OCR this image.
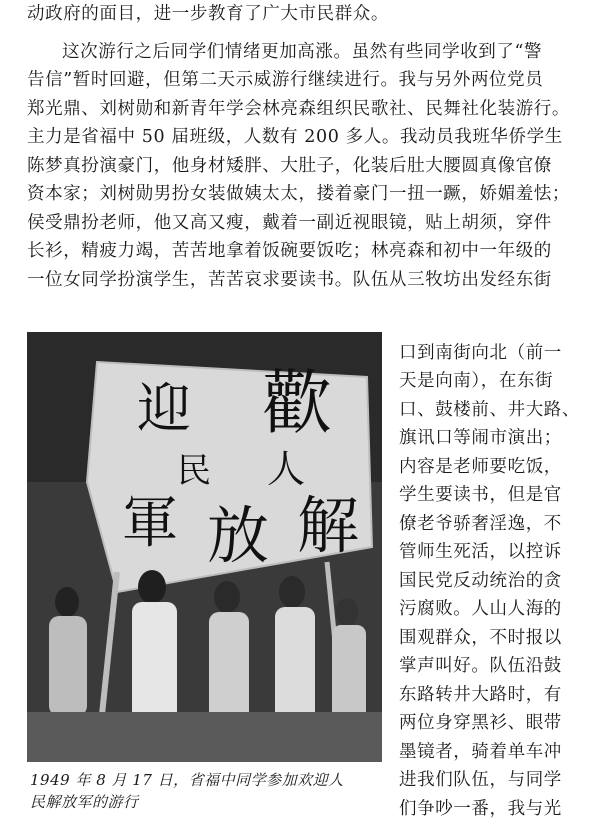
动政府的面目，进一步教育了广大市民群众。
这次游行之后同学们情绪更加高涨。虽然有些同学收到了“警
告信”暂时回避，但第二天示威游行继续进行。我与另外两位党员
郑光鼎、刘树勋和新青年学会林亮森组织民歌社、民舞社化装游行。
主力是省福中 50 届班级，人数有 200 多人。我动员我班华侨学生
陈梦真扮演豪门，他身材矮胖、大肚子，化装后肚大腰圆真像官僚
资本家；刘树勋男扮女装做姨太太，搂着豪门一扭一蹶，娇媚羞怯；
侯受鼎扮老师，他又高又瘦，戴着一副近视眼镜，贴上胡须，穿件
长衫，精疲力竭，苦苦地拿着饭碗要饭吃；林亮森和初中一年级的
一位女同学扮演学生，苦苦哀求要读书。队伍从三牧坊出发经东街
迎 歡
民 人
軍 放 解
口到南街向北（前一
天是向南），在东街
口、鼓楼前、井大路、
旗讯口等闹市演出；
内容是老师要吃饭，
学生要读书，但是官
僚老爷骄奢淫逸，不
管师生死活，以控诉
国民党反动统治的贪
污腐败。人山人海的
围观群众，不时报以
掌声叫好。队伍沿鼓
东路转井大路时，有
两位身穿黑衫、眼带
墨镜者，骑着单车冲
进我们队伍，与同学
们争吵一番，我与光
1949 年 8 月 17 日，省福中同学参加欢迎人
民解放军的游行
